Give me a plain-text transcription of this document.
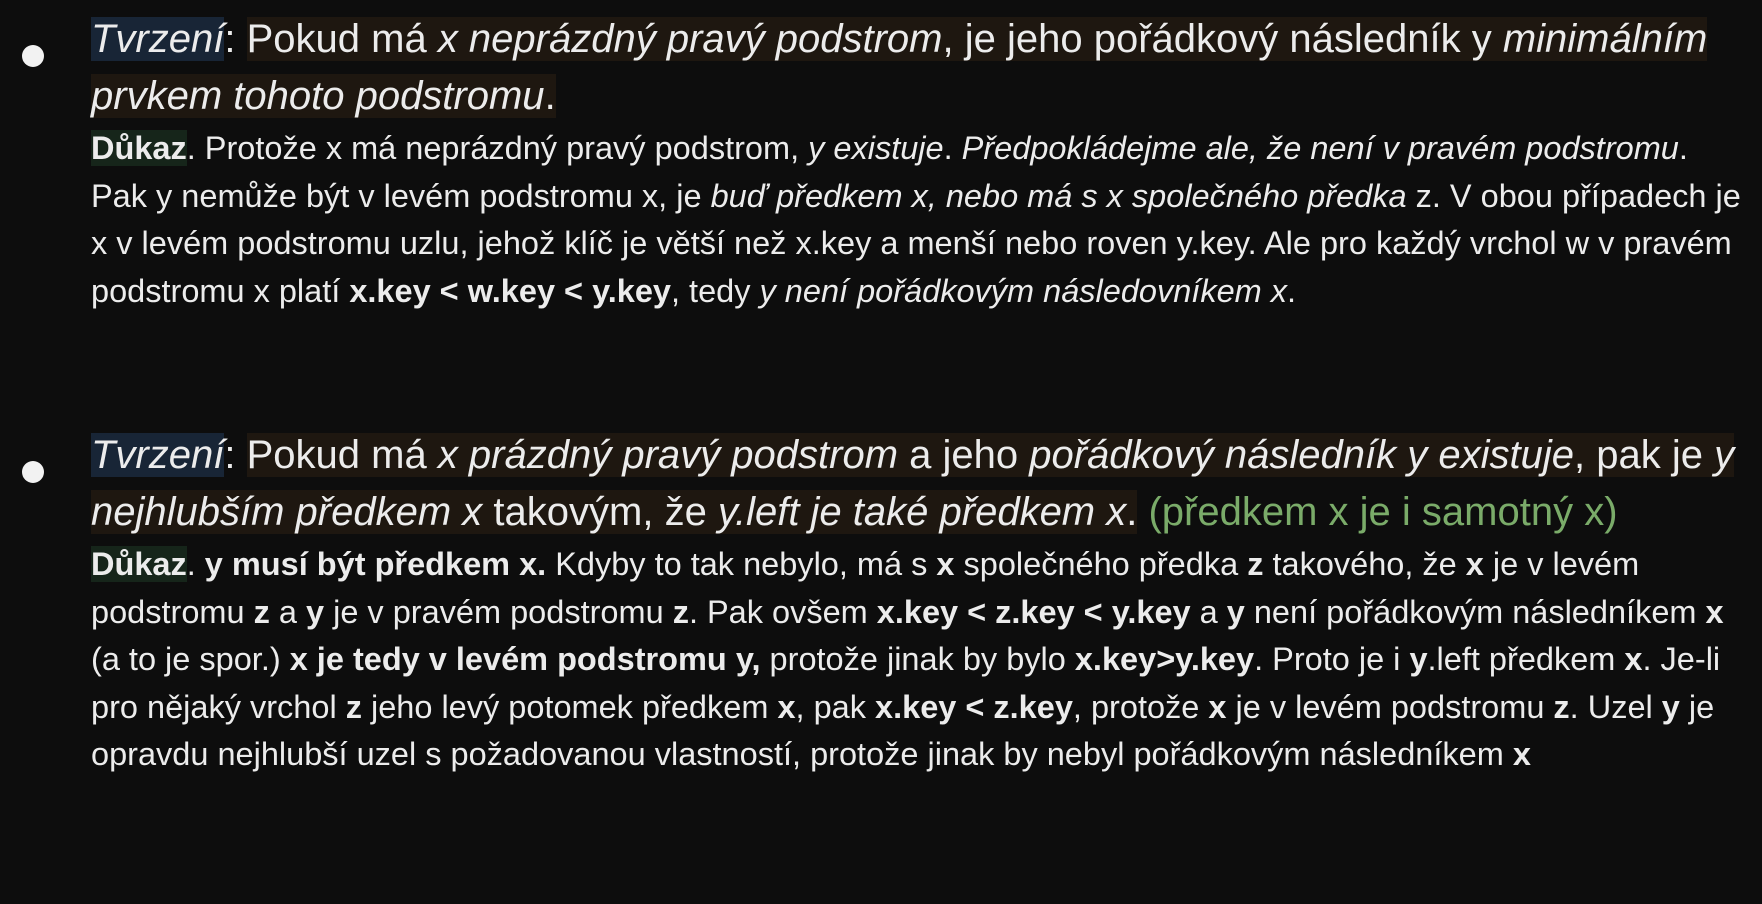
Tvrzení: Pokud má x neprázdný pravý podstrom, je jeho pořádkový následník y minimálním prvkem tohoto podstromu.

Důkaz. Protože x má neprázdný pravý podstrom, y existuje. Předpokládejme ale, že není v pravém podstromu. Pak y nemůže být v levém podstromu x, je buď předkem x, nebo má s x společného předka z. V obou případech je x v levém podstromu uzlu, jehož klíč je větší než x.key a menší nebo roven y.key. Ale pro každý vrchol w v pravém podstromu x platí x.key < w.key < y.key, tedy y není pořádkovým následovníkem x.

Tvrzení: Pokud má x prázdný pravý podstrom a jeho pořádkový následník y existuje, pak je y nejhlubším předkem x takovým, že y.left je také předkem x. (předkem x je i samotný x)

Důkaz. y musí být předkem x. Kdyby to tak nebylo, má s x společného předka z takového, že x je v levém podstromu z a y je v pravém podstromu z. Pak ovšem x.key < z.key < y.key a y není pořádkovým následníkem x (a to je spor.) x je tedy v levém podstromu y, protože jinak by bylo x.key>y.key. Proto je i y.left předkem x. Je-li pro nějaký vrchol z jeho levý potomek předkem x, pak x.key < z.key, protože x je v levém podstromu z. Uzel y je opravdu nejhlubší uzel s požadovanou vlastností, protože jinak by nebyl pořádkovým následníkem x
